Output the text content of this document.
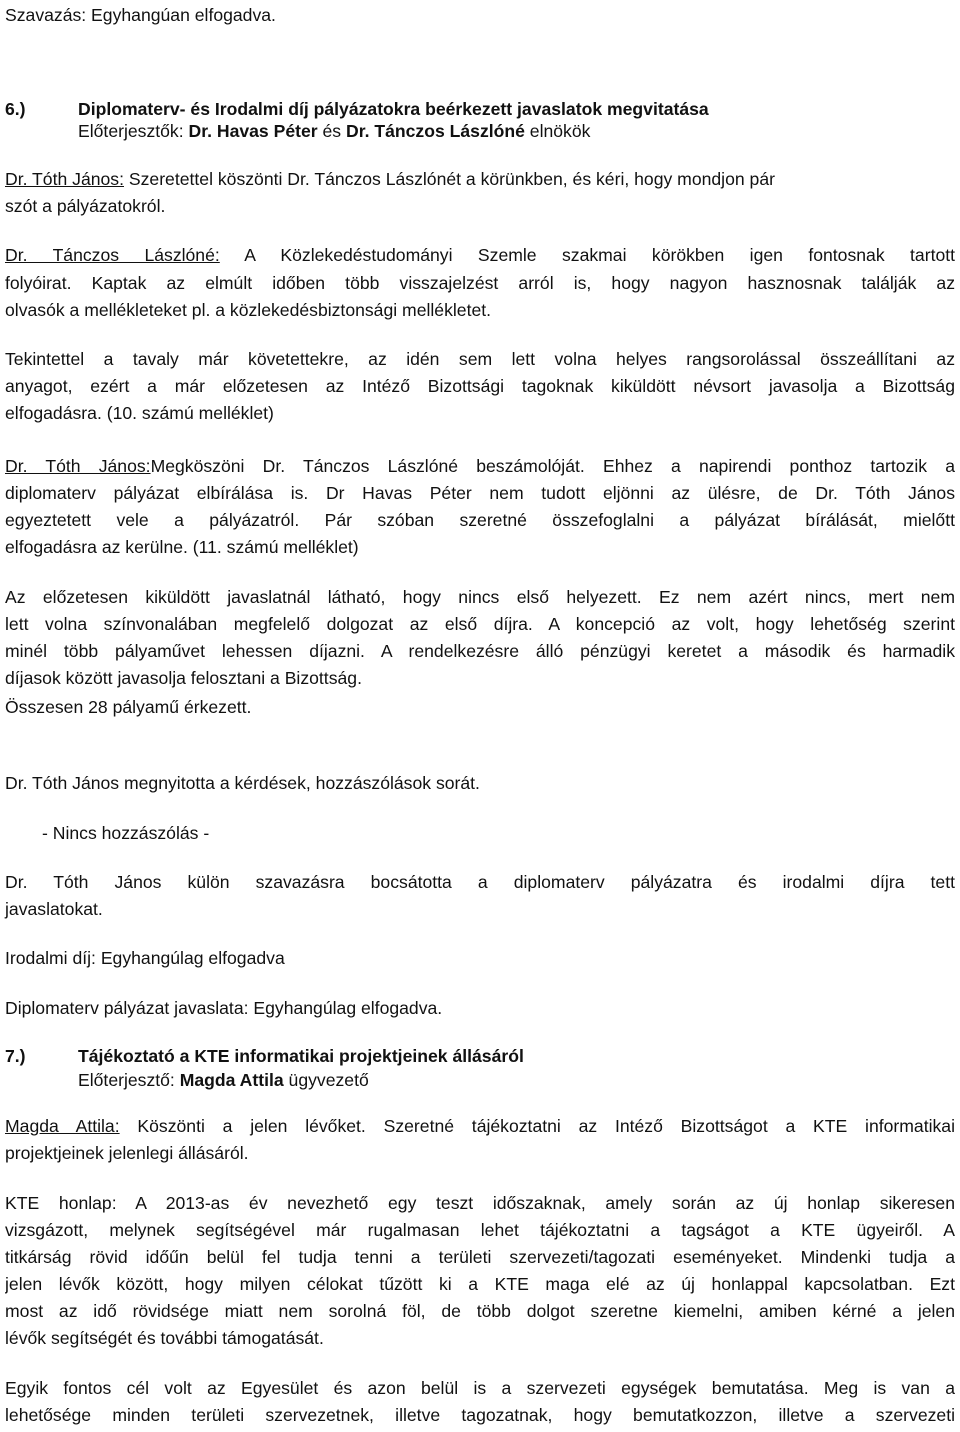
Szavazás: Egyhangúan elfogadva.
6.)	Diplomaterv- és Irodalmi díj pályázatokra beérkezett javaslatok megvitatása
Előterjesztők: Dr. Havas Péter és Dr. Tánczos Lászlóné elnökök
Dr. Tóth János: Szeretettel köszönti Dr. Tánczos Lászlónét a körünkben, és kéri, hogy mondjon pár
szót a pályázatokról.
Dr. Tánczos Lászlóné: A Közlekedéstudományi Szemle szakmai körökben igen fontosnak tartott
folyóirat. Kaptak az elmúlt időben több visszajelzést arról is, hogy nagyon hasznosnak találják az
olvasók a mellékleteket pl. a közlekedésbiztonsági mellékletet.
Tekintettel a tavaly már követettekre, az idén sem lett volna helyes rangsorolással összeállítani az
anyagot, ezért a már előzetesen az Intéző Bizottsági tagoknak kiküldött névsort javasolja a Bizottság
elfogadásra. (10. számú melléklet)
Dr. Tóth János:Megköszöni Dr. Tánczos Lászlóné beszámolóját. Ehhez a napirendi ponthoz tartozik a
diplomaterv pályázat elbírálása is. Dr Havas Péter nem tudott eljönni az ülésre, de Dr. Tóth János
egyeztetett vele a pályázatról. Pár szóban szeretné összefoglalni a pályázat bírálását, mielőtt
elfogadásra az kerülne. (11. számú melléklet)
Az előzetesen kiküldött javaslatnál látható, hogy nincs első helyezett. Ez nem azért nincs, mert nem
lett volna színvonalában megfelelő dolgozat az első díjra. A koncepció az volt, hogy lehetőség szerint
minél több pályaművet lehessen díjazni. A rendelkezésre álló pénzügyi keretet a második és harmadik
díjasok között javasolja felosztani a Bizottság.
Összesen 28 pályamű érkezett.
Dr. Tóth János megnyitotta a kérdések, hozzászólások sorát.
- Nincs hozzászólás -
Dr. Tóth János külön szavazásra bocsátotta a diplomaterv pályázatra és irodalmi díjra tett
javaslatokat.
Irodalmi díj: Egyhangúlag elfogadva
Diplomaterv pályázat javaslata: Egyhangúlag elfogadva.
7.)	Tájékoztató a KTE informatikai projektjeinek állásáról
Előterjesztő: Magda Attila ügyvezető
Magda Attila: Köszönti a jelen lévőket. Szeretné tájékoztatni az Intéző Bizottságot a KTE informatikai
projektjeinek jelenlegi állásáról.
KTE honlap: A 2013-as év nevezhető egy teszt időszaknak, amely során az új honlap sikeresen
vizsgázott, melynek segítségével már rugalmasan lehet tájékoztatni a tagságot a KTE ügyeiről. A
titkárság rövid időűn belül fel tudja tenni a területi szervezeti/tagozati eseményeket. Mindenki tudja a
jelen lévők között, hogy milyen célokat tűzött ki a KTE maga elé az új honlappal kapcsolatban. Ezt
most az idő rövidsége miatt nem sorolná föl, de több dolgot szeretne kiemelni, amiben kérné a jelen
lévők segítségét és további támogatását.
Egyik fontos cél volt az Egyesület és azon belül is a szervezeti egységek bemutatása. Meg is van a
lehetősége minden területi szervezetnek, illetve tagozatnak, hogy bemutatkozzon, illetve a szervezeti
